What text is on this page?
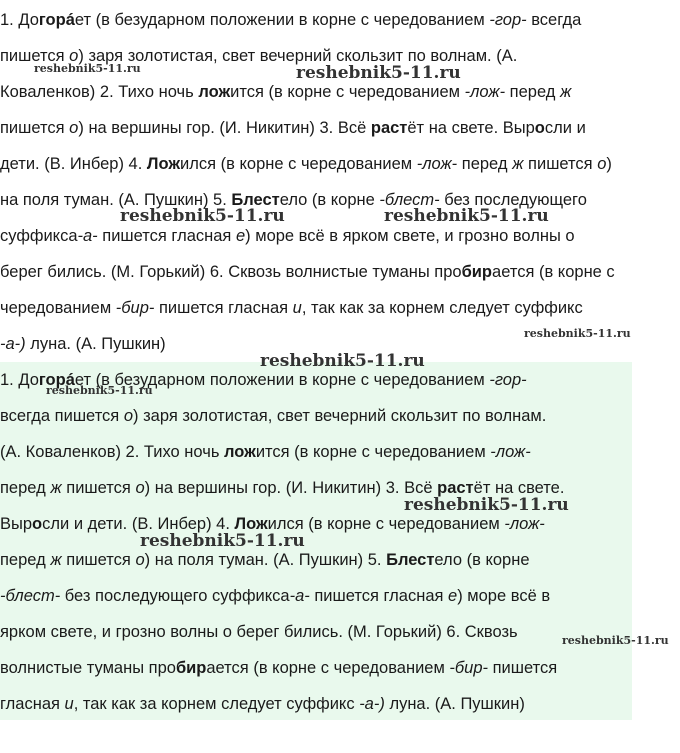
1. Догорáет (в безударном положении в корне с чередованием -гор- всегда
пишется о) заря золотистая, свет вечерний скользит по волнам. (А.
Коваленков) 2. Тихо ночь ложится (в корне с чередованием -лож- перед ж
пишется о) на вершины гор. (И. Никитин) 3. Всё растёт на свете. Выросли и
дети. (В. Инбер) 4. Ложился (в корне с чередованием -лож- перед ж пишется о)
на поля туман. (А. Пушкин) 5. Блестело (в корне -блест- без последующего
суффикса-а- пишется гласная е) море всё в ярком свете, и грозно волны о
берег бились. (М. Горький) 6. Сквозь волнистые туманы пробирается (в корне с
чередованием -бир- пишется гласная и, так как за корнем следует суффикс
-а-) луна. (А. Пушкин)
1. Догорáет (в безударном положении в корне с чередованием -гор-
всегда пишется о) заря золотистая, свет вечерний скользит по волнам.
(А. Коваленков) 2. Тихо ночь ложится (в корне с чередованием -лож-
перед ж пишется о) на вершины гор. (И. Никитин) 3. Всё растёт на свете.
Выросли и дети. (В. Инбер) 4. Ложился (в корне с чередованием -лож-
перед ж пишется о) на поля туман. (А. Пушкин) 5. Блестело (в корне
-блест- без последующего суффикса-а- пишется гласная е) море всё в
ярком свете, и грозно волны о берег бились. (М. Горький) 6. Сквозь
волнистые туманы пробирается (в корне с чередованием -бир- пишется
гласная и, так как за корнем следует суффикс -а-) луна. (А. Пушкин)
reshebnik5-11.ru	reshebnik5-11.ru
reshebnik5-11.ru	reshebnik5-11.ru
reshebnik5-11.ru
reshebnik5-11.ru
reshebnik5-11.ru
reshebnik5-11.ru
reshebnik5-11.ru
reshebnik5-11.ru
